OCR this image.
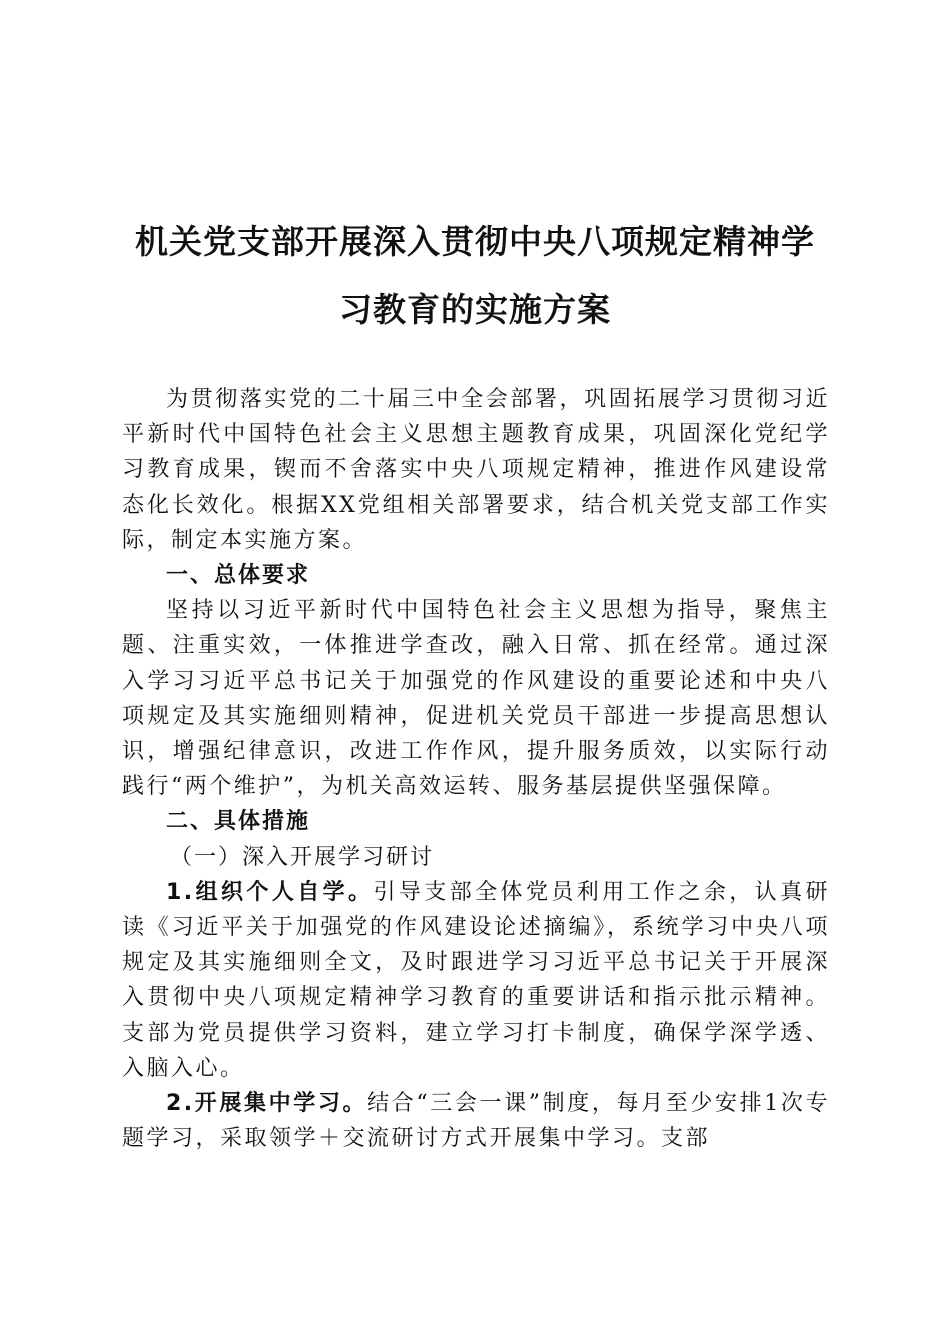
机关党支部开展深入贯彻中央八项规定精神学
习教育的实施方案

为贯彻落实党的二十届三中全会部署，巩固拓展学习贯彻习近平新时代中国特色社会主义思想主题教育成果，巩固深化党纪学习教育成果，锲而不舍落实中央八项规定精神，推进作风建设常态化长效化。根据XX党组相关部署要求，结合机关党支部工作实际，制定本实施方案。

一、总体要求

坚持以习近平新时代中国特色社会主义思想为指导，聚焦主题、注重实效，一体推进学查改，融入日常、抓在经常。通过深入学习习近平总书记关于加强党的作风建设的重要论述和中央八项规定及其实施细则精神，促进机关党员干部进一步提高思想认识，增强纪律意识，改进工作作风，提升服务质效，以实际行动践行“两个维护”，为机关高效运转、服务基层提供坚强保障。

二、具体措施

（一）深入开展学习研讨

1.组织个人自学。引导支部全体党员利用工作之余，认真研读《习近平关于加强党的作风建设论述摘编》，系统学习中央八项规定及其实施细则全文，及时跟进学习习近平总书记关于开展深入贯彻中央八项规定精神学习教育的重要讲话和指示批示精神。支部为党员提供学习资料，建立学习打卡制度，确保学深学透、入脑入心。

2.开展集中学习。结合“三会一课”制度，每月至少安排1次专题学习，采取领学＋交流研讨方式开展集中学习。支部
